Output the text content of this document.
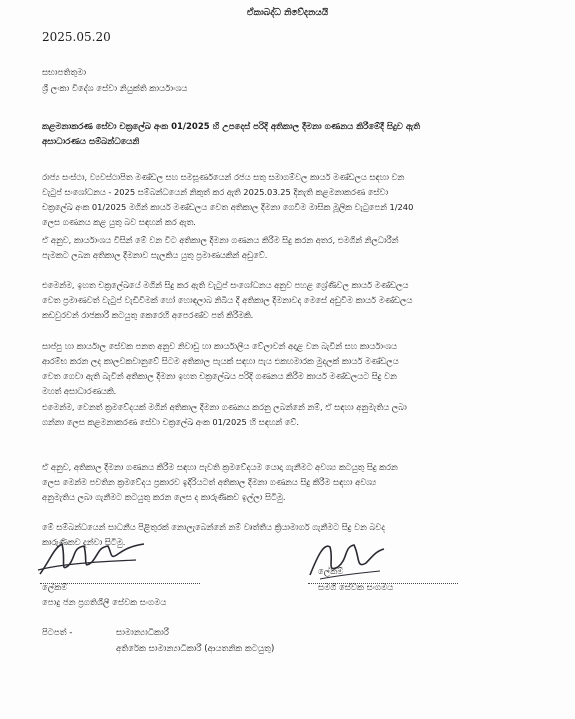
ඒකාබද්ධ නිවේදනයයි
2025.05.20
සභාපතිතුමා
ශ්‍රී ලංකා විදේශ සේවා නියුක්ති කාර්යාංශය
කළමනාකරණ සේවා චක්‍රලේඛ අංක 01/2025 හි උපදෙස් පරිදි අතිකාල දීමනා ගණනය කිරීමේදී සිදුව ඇති
අසාධාරණය සම්බන්ධයෙනි
රාජ්‍ය සංස්ථා, ව්‍යවස්ථාපිත මණ්ඩල සහ සමසූර්ණයෙන් රජය සතු සමාගම්වල කාර්ය මණ්ඩලය සඳහා වන
වැටුප් සංශෝධනය - 2025 සම්බන්ධයෙන් නිකුත් කර ඇති 2025.03.25 දිනැති කළමනාකරණ සේවා
චක්‍රලේඛ අංක 01/2025 මගින් කාර්ය මණ්ඩලය වෙත අතිකාල දීමනා ගෙවීම මාසික මූලික වැටුපෙන් 1/240
ලෙස ගණනය කළ යුතු බව සඳහන් කර ඇත.
ඒ අනුව, කාර්යාංශය විසින් මේ වන විට අතිකාල දීමනා ගණනය කිරීම සිදු කරන අතර, එමගින් නිලධාරීන්
පැමකට ලබන අතිකාල දීමනාව සැලකිය යුතු ප්‍රමාණයකින් අඩුවේ.
එමෙන්ම, ඉහත චක්‍රලේඛයේ මගින් සිදු කර ඇති වැටුප් සංශෝධනය අනුව පහළ ශ්‍රේණිවල කාර්ය මණ්ඩලය
වෙත ප්‍රමාණවත් වැටුප් වැඩිවීමක් හෝ හොඳලාබ නිබිය දී අතිකාල දීමනාවද මෙසේ අඩුවීම කාර්ය මණ්ඩලය
කඩවුරවන් රාජකාරී කටයුතු කෙරෙහි අපෙරණ්ව පත් කිරීමකි.
සාප්පු හා කාර්යාල සේවක පනත අනුව නිවාඩු හා කාර්යාලීය වේලාවන් අදාළ වන බැවින් සහ කාර්යාංශය
ආරම්භ කරන ලද කාලවකවානුවේ සිටම අතිකාල පැයක් සඳහා පැය එකහමාරක මුදලක් කාර්ය මණ්ඩලය
වෙත ගෙවා ඇති බැවින් අතිකාල දීමනා ඉහත චක්‍රලේඛය පරිදි ගණනය කිරීම කාර්ය මණ්ඩලයට සිදු වන
මහත් අසාධාරණයකි.
එමෙන්ම, වෙනත් ක්‍රමවේදයක් මගින් අතිකාල දීමනා ගණනය කරනු ලබන්නේ නම්, ඒ සඳහා අනුමැතිය ලබා
ගන්නා ලෙස කළමනාකරණ සේවා චක්‍රලේඛ අංක 01/2025 හි සඳහන් වේ.
ඒ අනුව, අතිකාල දීමනා ගණනය කිරීම සඳහා පැවති ක්‍රමවේදයම යොදා ගැනීමට අවශ්‍ය කටයුතු සිදු කරන
ලෙස මෙන්ම පවතින ක්‍රමවේදය ප්‍රකාරව ඉදිරියටත් අතිකාල දීමනා ගණනය සිදු කිරීම සඳහා අවශ්‍ය
අනුමැතිය ලබා ගැනීමට කටයුතු කරන ලෙස ද කාරුණිකව ඉල්ලා සිටිමු.
මේ සම්බන්ධයෙන් සාධනීය පිළිතුරක් නොලැබෙන්නේ නම් වෘත්තීය ක්‍රියාමාර්ග ගැනීමට සිදු වන බවද
කාරුණිකව දන්වා සිටිමු.
ලේකම්
පොදු ජන ප්‍රගතිශීලී සේවක සංගමය
ලේකම්
සමගි සේවක සංගමය
පිටපත් -	සාමාන්‍යාධිකාරී
අතිරේක සාමාන්‍යාධිකාරී (ආයතනික කටයුතු)
